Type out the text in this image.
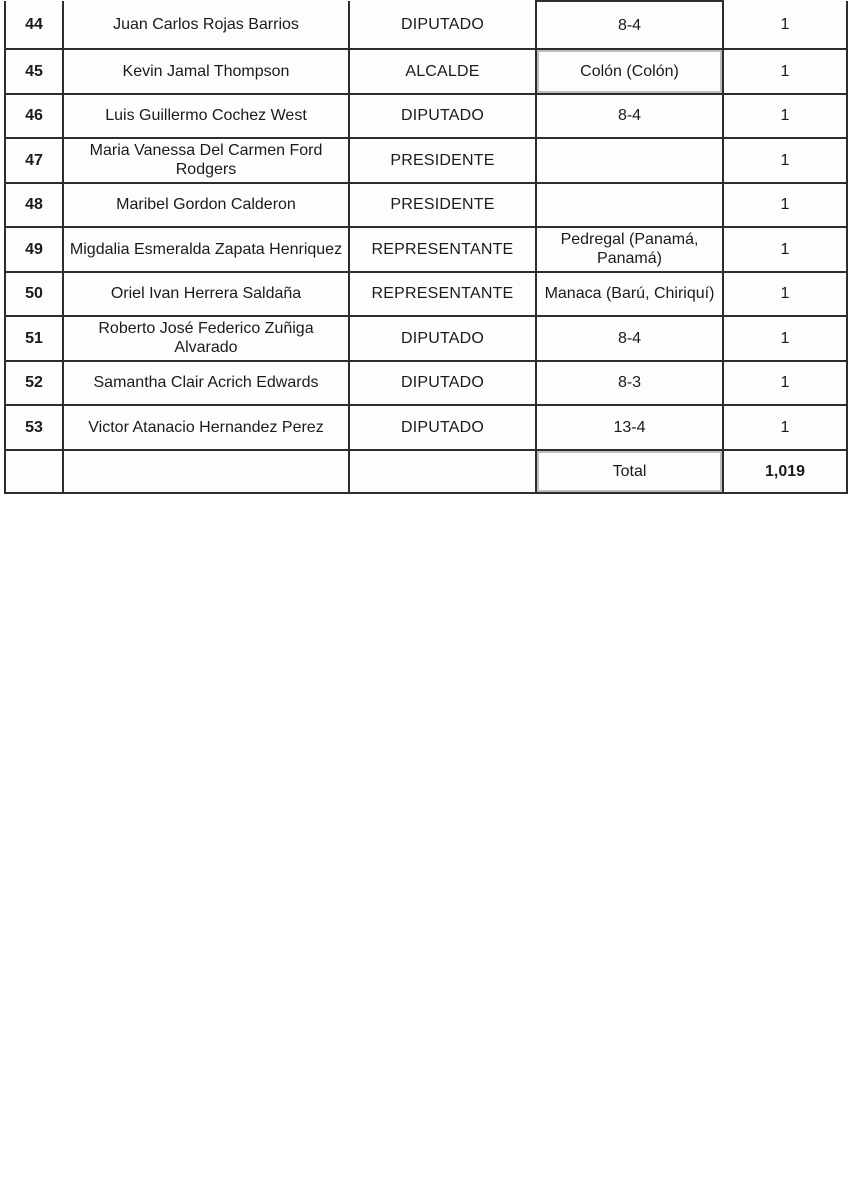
44	Juan Carlos Rojas Barrios	DIPUTADO	8-4	1
45	Kevin Jamal Thompson	ALCALDE	Colón (Colón)	1
46	Luis Guillermo Cochez West	DIPUTADO	8-4	1
47	Maria Vanessa Del Carmen Ford Rodgers	PRESIDENTE		1
48	Maribel Gordon Calderon	PRESIDENTE		1
49	Migdalia Esmeralda Zapata Henriquez	REPRESENTANTE	Pedregal (Panamá, Panamá)	1
50	Oriel Ivan Herrera Saldaña	REPRESENTANTE	Manaca (Barú, Chiriquí)	1
51	Roberto José Federico Zuñiga Alvarado	DIPUTADO	8-4	1
52	Samantha Clair Acrich Edwards	DIPUTADO	8-3	1
53	Victor Atanacio Hernandez Perez	DIPUTADO	13-4	1
			Total	1,019
